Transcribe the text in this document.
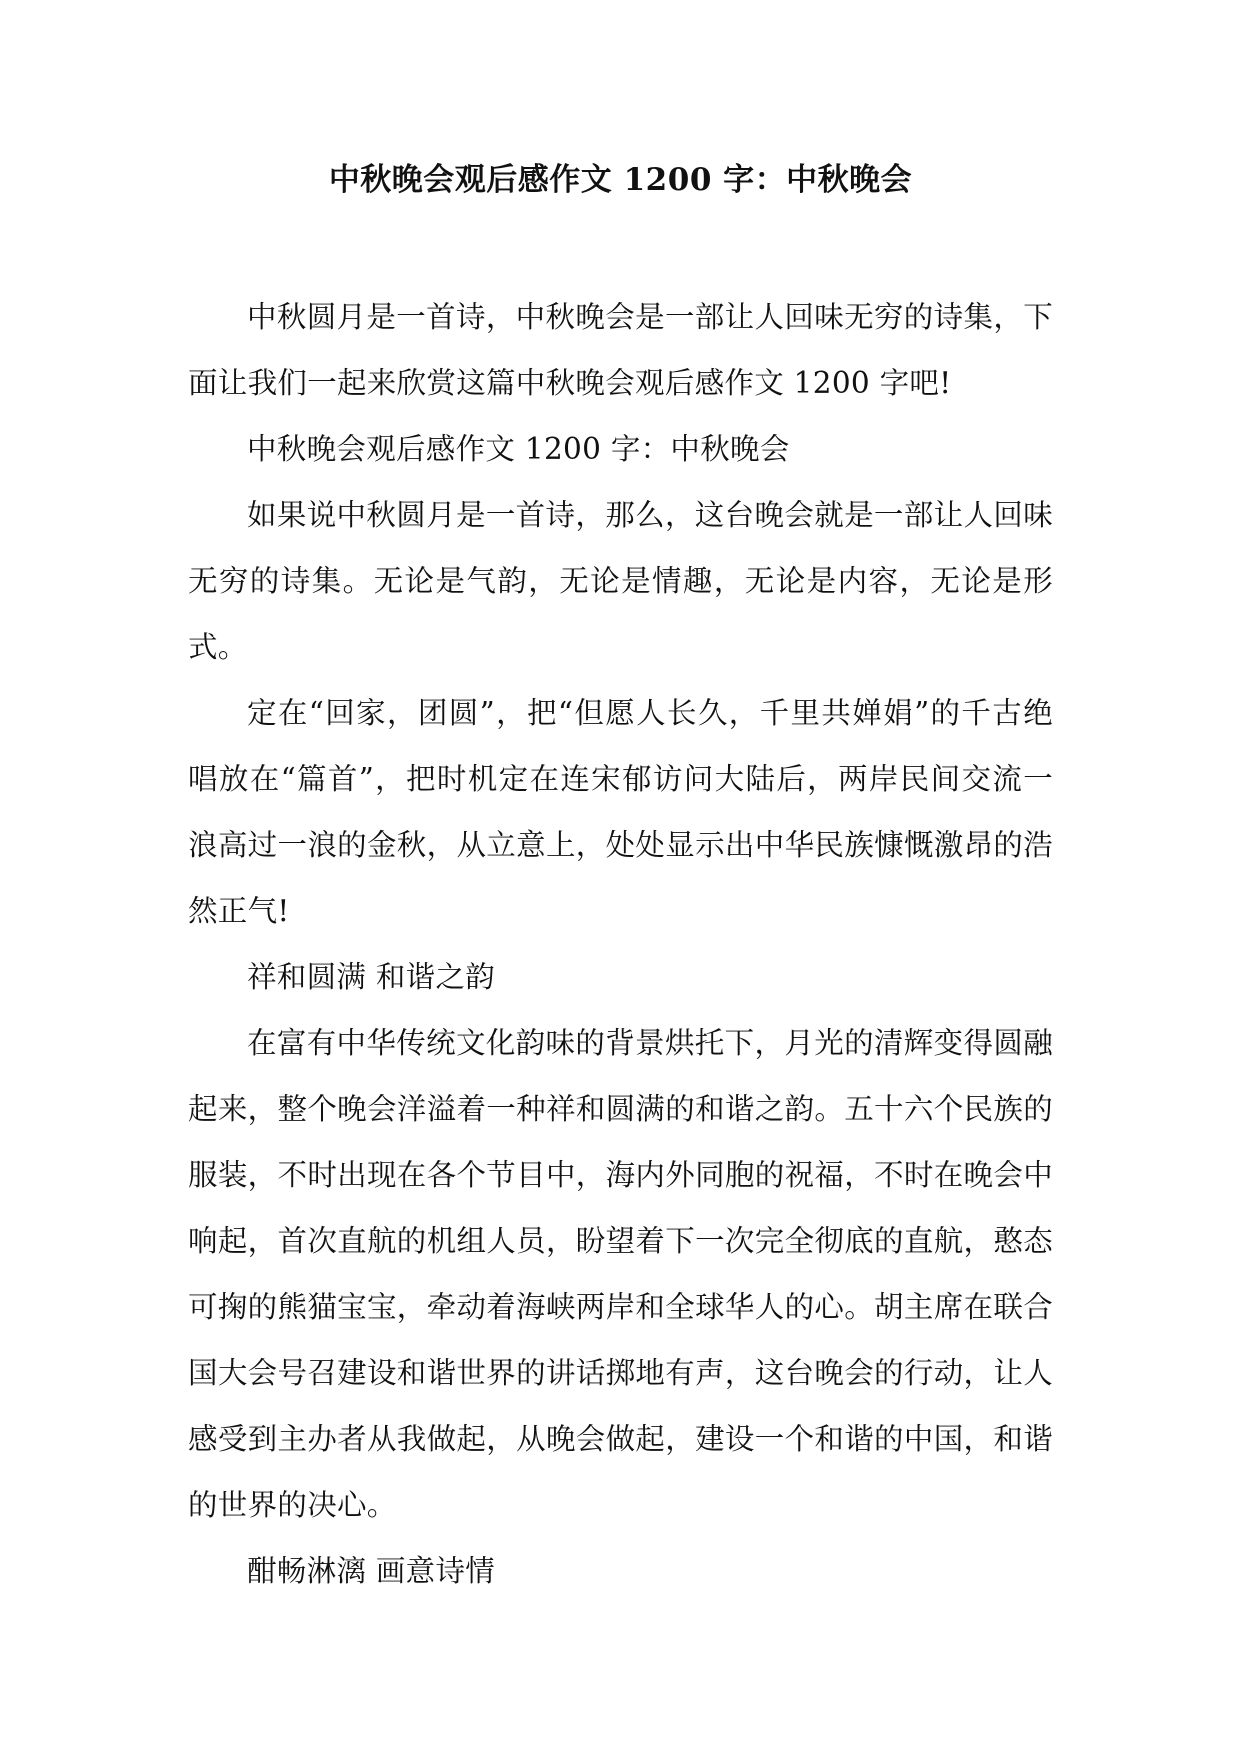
中秋晚会观后感作文 1200 字：中秋晚会

中秋圆月是一首诗，中秋晚会是一部让人回味无穷的诗集，下面让我们一起来欣赏这篇中秋晚会观后感作文 1200 字吧!

中秋晚会观后感作文 1200 字：中秋晚会

如果说中秋圆月是一首诗，那么，这台晚会就是一部让人回味无穷的诗集。无论是气韵，无论是情趣，无论是内容，无论是形式。

定在“回家，团圆”，把“但愿人长久，千里共婵娟”的千古绝唱放在“篇首”，把时机定在连宋郁访问大陆后，两岸民间交流一浪高过一浪的金秋，从立意上，处处显示出中华民族慷慨激昂的浩然正气!

祥和圆满 和谐之韵

在富有中华传统文化韵味的背景烘托下，月光的清辉变得圆融起来，整个晚会洋溢着一种祥和圆满的和谐之韵。五十六个民族的服装，不时出现在各个节目中，海内外同胞的祝福，不时在晚会中响起，首次直航的机组人员，盼望着下一次完全彻底的直航，憨态可掬的熊猫宝宝，牵动着海峡两岸和全球华人的心。胡主席在联合国大会号召建设和谐世界的讲话掷地有声，这台晚会的行动，让人感受到主办者从我做起，从晚会做起，建设一个和谐的中国，和谐的世界的决心。

酣畅淋漓 画意诗情
